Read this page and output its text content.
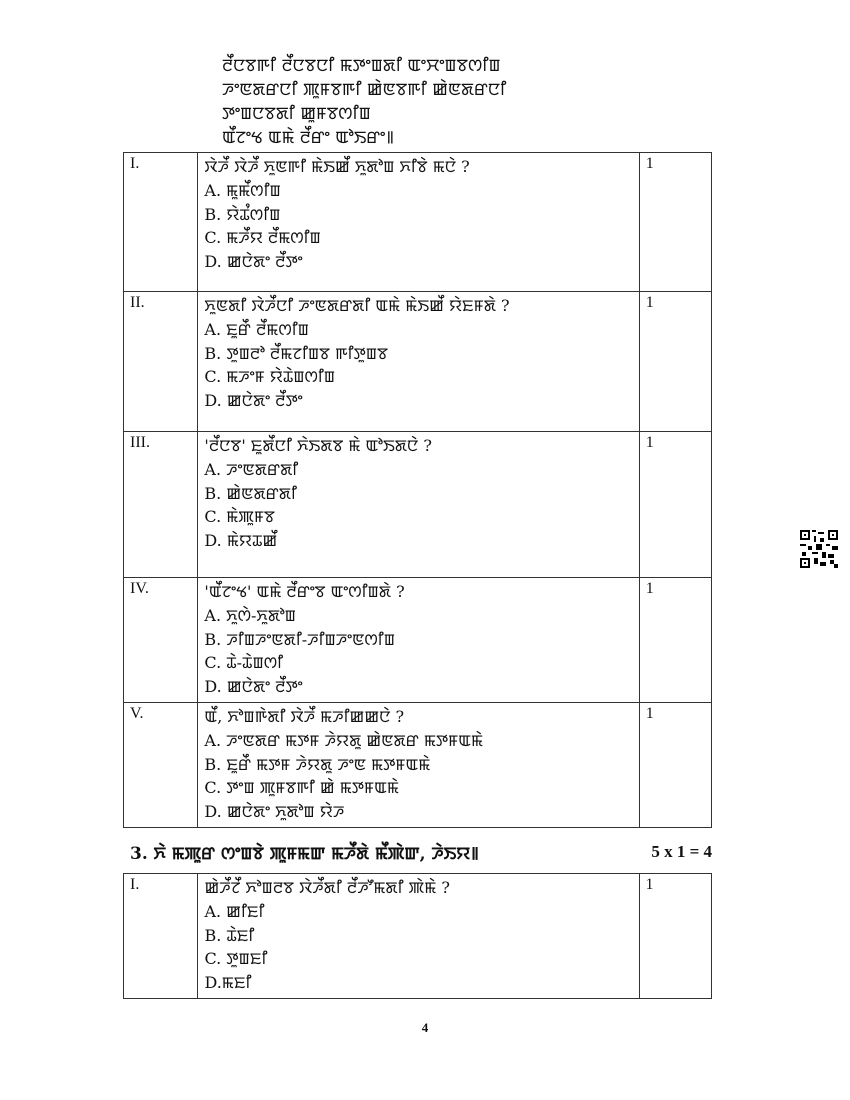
ꯂꯩꯅꯕꯒꯤ ꯂꯩꯅꯕꯅꯤ ꯃꯇꯦꯡꯗꯤ ꯑꯦꯆꯦꯡꯕꯁꯤꯡ
ꯍꯦꯟꯗꯔꯅꯤ ꯄꯨꯝꯕꯒꯤ ꯀꯥꯟꯕꯒꯤ ꯀꯥꯟꯗꯔꯅꯤ
ꯇꯦꯡꯅꯕꯗꯤ ꯀꯨꯝꯕꯁꯤꯡ
ꯑꯩꯖꯦꯠ ꯑꯃꯥ ꯂꯩꯔꯦ ꯑꯣꯏꯔꯦ꯫
I.	ꯋꯥꯍꯩ ꯋꯥꯍꯩ ꯈꯨꯟꯒꯤ ꯃꯥꯏꯀꯩ ꯈꯨꯗꯣꯡ ꯈꯤꯕꯥ ꯃꯅꯥ ?
A. ꯃꯨꯃꯩꯁꯤꯡ
B. ꯌꯥꯊꯪꯁꯤꯡ
C. ꯃꯍꯩꯌ ꯂꯩꯃꯁꯤꯡ
D. ꯀꯅꯥꯗꯦ ꯂꯩꯇꯦ	1
II.	ꯈꯨꯟꯗꯤ ꯋꯥꯍꯩꯅꯤ ꯍꯦꯟꯗꯔꯗꯤ ꯑꯃꯥ ꯃꯥꯏꯀꯩ ꯌꯥꯐꯝꯗꯥ ?
A. ꯐꯨꯔꯩ ꯂꯩꯃꯁꯤꯡ
B. ꯇꯨꯡꯂꯣ ꯂꯩꯃꯖꯤꯡꯕ ꯒꯤꯇꯨꯡꯕ
C. ꯃꯍꯦꯝ ꯌꯥꯊꯥꯡꯁꯤꯡ
D. ꯀꯅꯥꯗꯦ ꯂꯩꯇꯦ	1
III.	'ꯂꯩꯅꯕ' ꯐꯨꯗꯩꯅꯤ ꯈꯥꯏꯗꯕ ꯃꯥ ꯑꯣꯏꯗꯅꯥ ?
A. ꯍꯦꯟꯗꯔꯗꯤ
B. ꯀꯥꯟꯗꯔꯗꯤ
C. ꯃꯥꯄꯨꯝꯕ
D. ꯃꯥꯌꯊꯀꯩ	1
IV.	'ꯑꯩꯖꯦꯠ' ꯑꯃꯥ ꯂꯩꯔꯦꯕ ꯑꯦꯁꯤꯡꯗꯥ ?
A. ꯈꯨꯁꯥ-ꯈꯨꯗꯣꯡ
B. ꯍꯤꯡꯍꯦꯟꯗꯤ-ꯍꯤꯡꯍꯦꯟꯁꯤꯡ
C. ꯊꯥ-ꯊꯥꯡꯁꯤ
D. ꯀꯅꯥꯗꯦ ꯂꯩꯇꯦ	1
V.	ꯑꯩ, ꯈꯣꯡꯒꯥꯗꯤ ꯋꯥꯍꯩ ꯃꯍꯤꯀꯀꯅꯥ ?
A. ꯍꯦꯟꯗꯔ ꯃꯇꯝ ꯍꯥꯌꯗꯨ ꯀꯥꯟꯗꯔ ꯃꯇꯝꯑꯃꯥ
B. ꯐꯨꯔꯩ ꯃꯇꯝ ꯍꯥꯌꯗꯨ ꯍꯦꯟ ꯃꯇꯝꯑꯃꯥ
C. ꯇꯦꯡ ꯄꯨꯝꯕꯒꯤ ꯀꯥ ꯃꯇꯝꯑꯃꯥ
D. ꯀꯅꯥꯗꯦ ꯈꯨꯗꯣꯡ ꯌꯥꯍ	1
3. ꯈꯥ ꯃꯄꯨꯔ ꯁꯦꯡꯕꯥ ꯄꯨꯝꯃꯛ ꯃꯍꯩꯗꯥ ꯃꯩꯄꯥꯛ, ꯍꯥꯏꯌ꯫	5 x 1 = 4
I.	ꯀꯥꯍꯩꯖꯩ ꯈꯣꯡꯂꯕ ꯋꯥꯍꯩꯗꯤ ꯂꯩꯍꯧꯃꯗꯤ ꯄꯥꯃꯥ ?
A. ꯀꯤꯐꯤ
B. ꯊꯥꯐꯤ
C. ꯇꯨꯡꯐꯤ
D.ꯃꯐꯤ
	1
4
